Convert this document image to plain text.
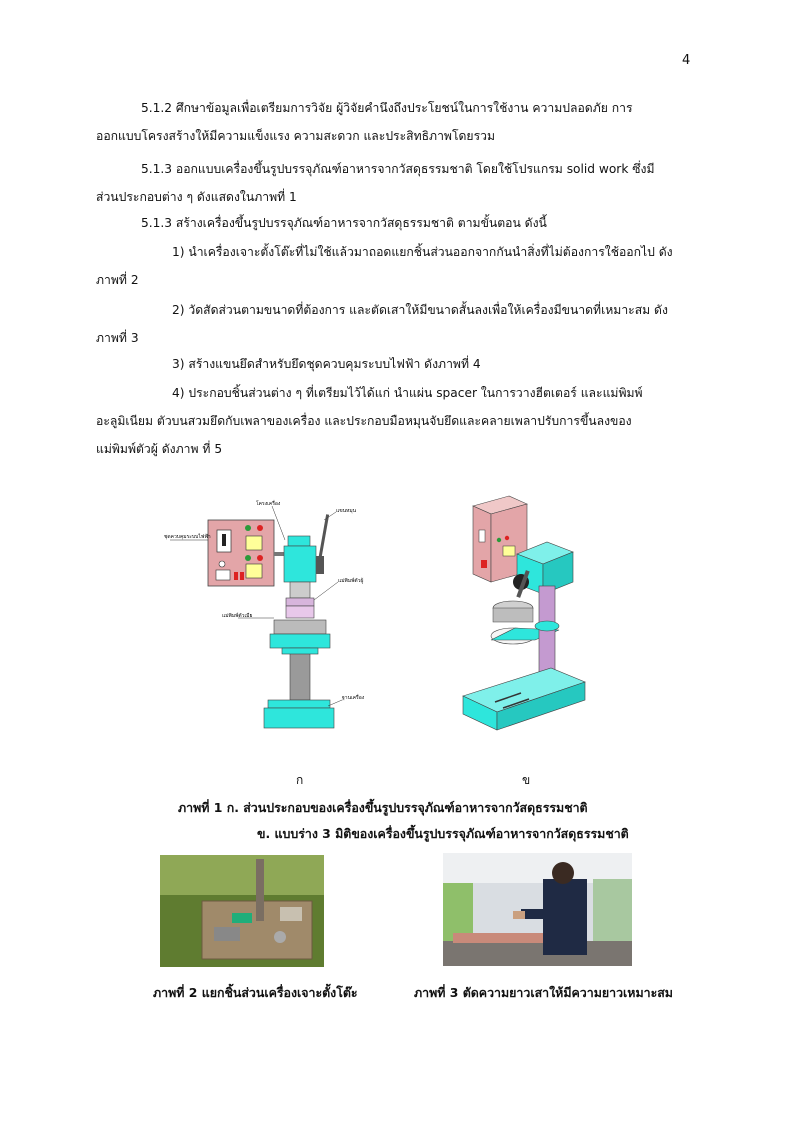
4
5.1.2 ศึกษาข้อมูลเพื่อเตรียมการวิจัย ผู้วิจัยคำนึงถึงประโยชน์ในการใช้งาน ความปลอดภัย การ
ออกแบบโครงสร้างให้มีความแข็งแรง ความสะดวก และประสิทธิภาพโดยรวม
5.1.3 ออกแบบเครื่องขึ้นรูปบรรจุภัณฑ์อาหารจากวัสดุธรรมชาติ โดยใช้โปรแกรม solid work ซึ่งมี
ส่วนประกอบต่าง ๆ ดังแสดงในภาพที่ 1
5.1.3 สร้างเครื่องขึ้นรูปบรรจุภัณฑ์อาหารจากวัสดุธรรมชาติ ตามขั้นตอน ดังนี้
1) นำเครื่องเจาะตั้งโต๊ะที่ไม่ใช้แล้วมาถอดแยกชิ้นส่วนออกจากกันนำสิ่งที่ไม่ต้องการใช้ออกไป ดัง
ภาพที่ 2
2) วัดสัดส่วนตามขนาดที่ต้องการ และตัดเสาให้มีขนาดสั้นลงเพื่อให้เครื่องมีขนาดที่เหมาะสม ดัง
ภาพที่ 3
3) สร้างแขนยึดสำหรับยึดชุดควบคุมระบบไฟฟ้า ดังภาพที่ 4
4) ประกอบชิ้นส่วนต่าง ๆ ที่เตรียมไว้ได้แก่ นำแผ่น spacer ในการวางฮีตเตอร์ และแม่พิมพ์
อะลูมิเนียม ตัวบนสวมยึดกับเพลาของเครื่อง และประกอบมือหมุนจับยึดและคลายเพลาปรับการขึ้นลงของ
แม่พิมพ์ตัวผู้ ดังภาพ ที่ 5
โครงเครื่อง
แขนหมุน
ชุดควบคุมระบบไฟฟ้า
แม่พิมพ์ตัวผู้
แม่พิมพ์ตัวเมีย
ฐานเครื่อง
ก	ข
ภาพที่ 1 ก. ส่วนประกอบของเครื่องขึ้นรูปบรรจุภัณฑ์อาหารจากวัสดุธรรมชาติ
ข. แบบร่าง 3 มิติของเครื่องขึ้นรูปบรรจุภัณฑ์อาหารจากวัสดุธรรมชาติ
ภาพที่ 2 แยกชิ้นส่วนเครื่องเจาะตั้งโต๊ะ	ภาพที่ 3 ตัดความยาวเสาให้มีความยาวเหมาะสม
